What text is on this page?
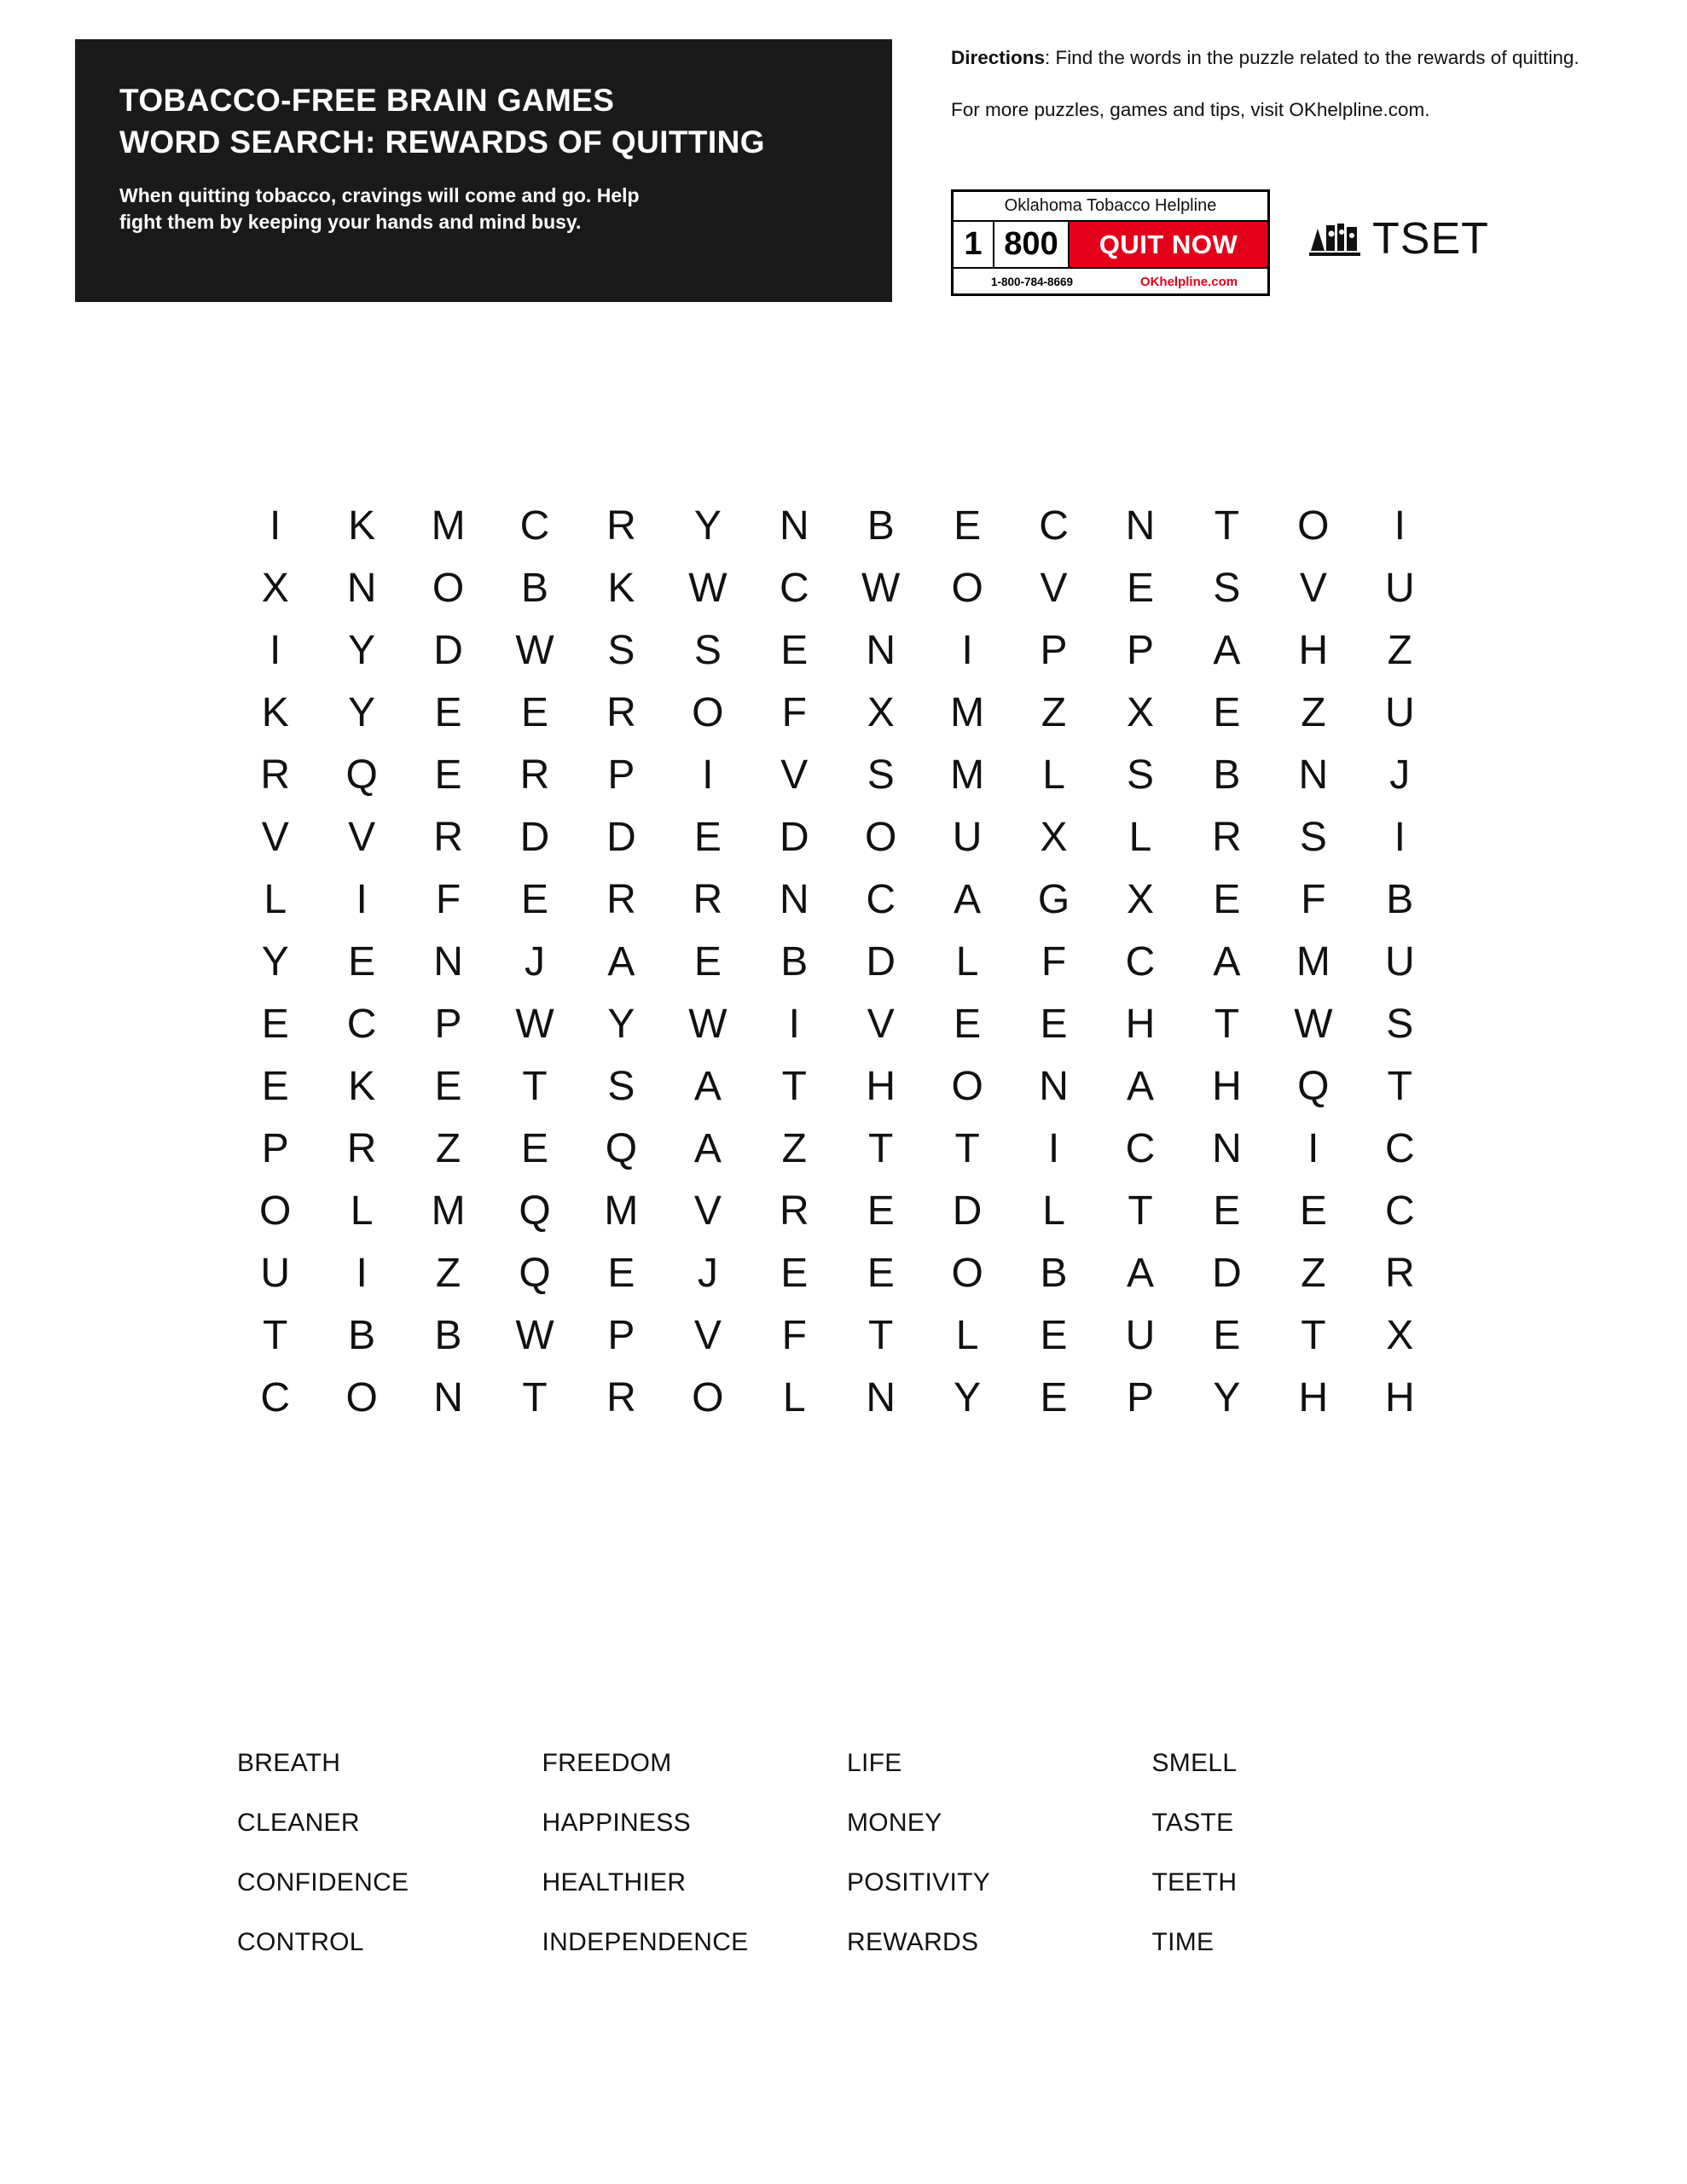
TOBACCO-FREE BRAIN GAMES
WORD SEARCH: REWARDS OF QUITTING
When quitting tobacco, cravings will come and go. Help
fight them by keeping your hands and mind busy.
Directions: Find the words in the puzzle related to the rewards of quitting.
For more puzzles, games and tips, visit OKhelpline.com.
Oklahoma Tobacco Helpline
1 800	QUIT NOW
1-800-784-8669	OKhelpline.com
TSET
I	K	M	C	R	Y	N	B	E	C	N	T	O	I
X	N	O	B	K	W	C	W	O	V	E	S	V	U
I	Y	D	W	S	S	E	N	I	P	P	A	H	Z
K	Y	E	E	R	O	F	X	M	Z	X	E	Z	U
R	Q	E	R	P	I	V	S	M	L	S	B	N	J
V	V	R	D	D	E	D	O	U	X	L	R	S	I
L	I	F	E	R	R	N	C	A	G	X	E	F	B
Y	E	N	J	A	E	B	D	L	F	C	A	M	U
E	C	P	W	Y	W	I	V	E	E	H	T	W	S
E	K	E	T	S	A	T	H	O	N	A	H	Q	T
P	R	Z	E	Q	A	Z	T	T	I	C	N	I	C
O	L	M	Q	M	V	R	E	D	L	T	E	E	C
U	I	Z	Q	E	J	E	E	O	B	A	D	Z	R
T	B	B	W	P	V	F	T	L	E	U	E	T	X
C	O	N	T	R	O	L	N	Y	E	P	Y	H	H
BREATH	FREEDOM	LIFE	SMELL
CLEANER	HAPPINESS	MONEY	TASTE
CONFIDENCE	HEALTHIER	POSITIVITY	TEETH
CONTROL	INDEPENDENCE	REWARDS	TIME
